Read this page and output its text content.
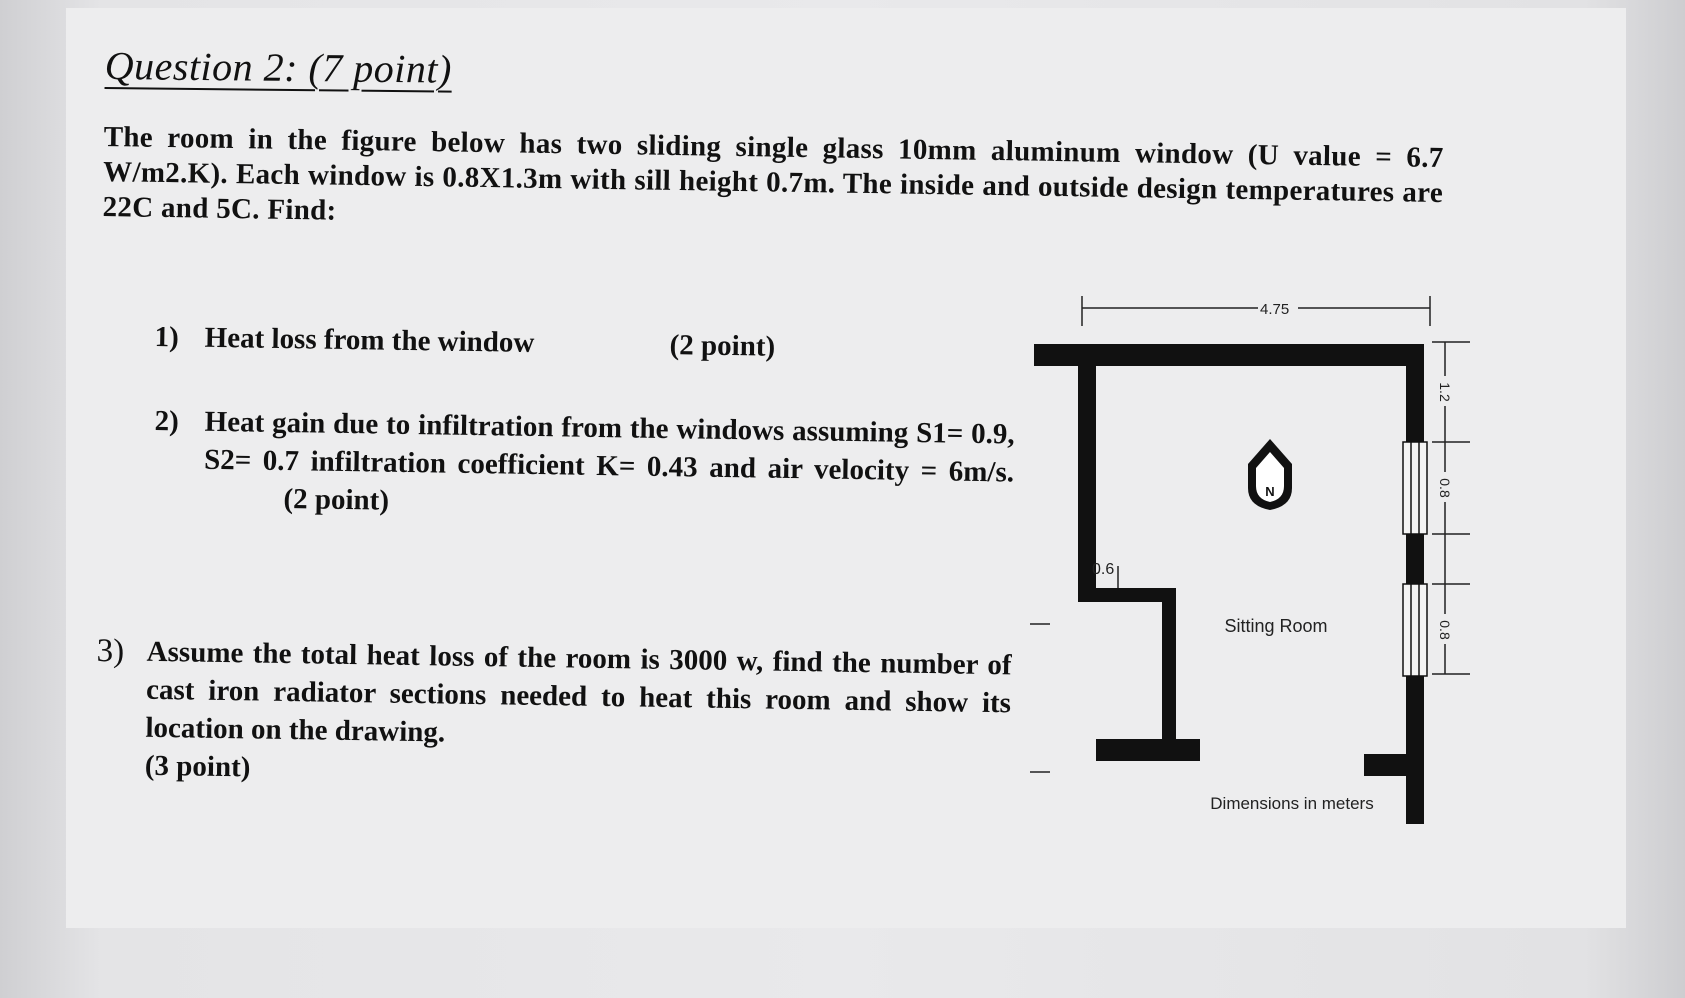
Question 2: (7 point)
The room in the figure below has two sliding single glass 10mm aluminum window (U value = 6.7 W/m2.K). Each window is 0.8X1.3m with sill height 0.7m. The inside and outside design temperatures are 22C and 5C. Find:
1) Heat loss from the window	(2 point)
2) Heat gain due to infiltration from the windows assuming S1= 0.9, S2= 0.7 infiltration coefficient K= 0.43 and air velocity = 6m/s.(2 point)
3) Assume the total heat loss of the room is 3000 w, find the number of cast iron radiator sections needed to heat this room and show its location on the drawing.
(3 point)
4.75
0.6
1.2
0.8
0.8
N
Sitting Room
Dimensions in meters
